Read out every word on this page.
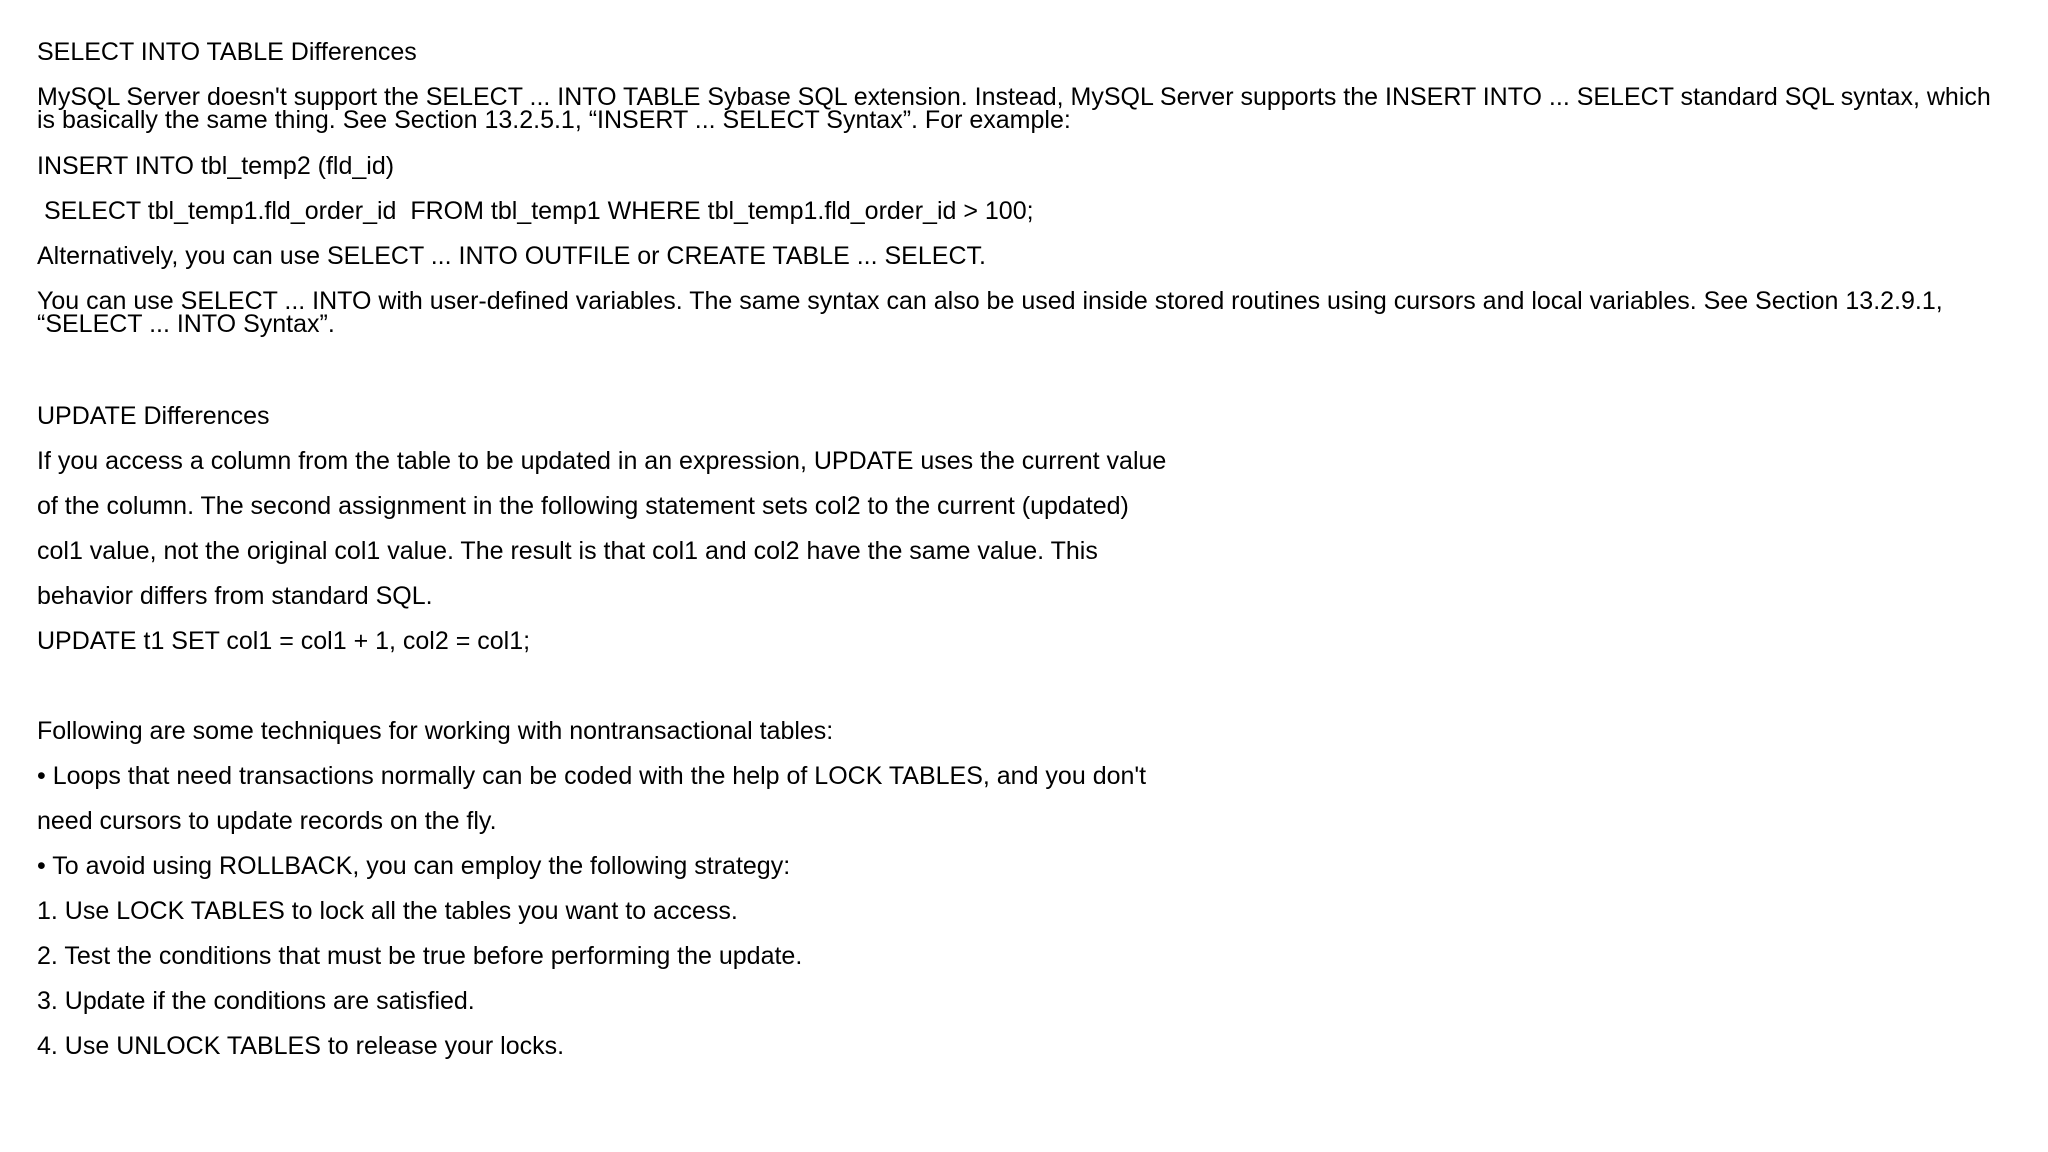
SELECT INTO TABLE Differences
MySQL Server doesn't support the SELECT ... INTO TABLE Sybase SQL extension. Instead, MySQL Server supports the INSERT INTO ... SELECT standard SQL syntax, which is basically the same thing. See Section 13.2.5.1, “INSERT ... SELECT Syntax”. For example:
INSERT INTO tbl_temp2 (fld_id)
SELECT tbl_temp1.fld_order_id  FROM tbl_temp1 WHERE tbl_temp1.fld_order_id > 100;
Alternatively, you can use SELECT ... INTO OUTFILE or CREATE TABLE ... SELECT.
You can use SELECT ... INTO with user-defined variables. The same syntax can also be used inside stored routines using cursors and local variables. See Section 13.2.9.1, “SELECT ... INTO Syntax”.
UPDATE Differences
If you access a column from the table to be updated in an expression, UPDATE uses the current value
of the column. The second assignment in the following statement sets col2 to the current (updated)
col1 value, not the original col1 value. The result is that col1 and col2 have the same value. This
behavior differs from standard SQL.
UPDATE t1 SET col1 = col1 + 1, col2 = col1;
Following are some techniques for working with nontransactional tables:
• Loops that need transactions normally can be coded with the help of LOCK TABLES, and you don't
need cursors to update records on the fly.
• To avoid using ROLLBACK, you can employ the following strategy:
1. Use LOCK TABLES to lock all the tables you want to access.
2. Test the conditions that must be true before performing the update.
3. Update if the conditions are satisfied.
4. Use UNLOCK TABLES to release your locks.
